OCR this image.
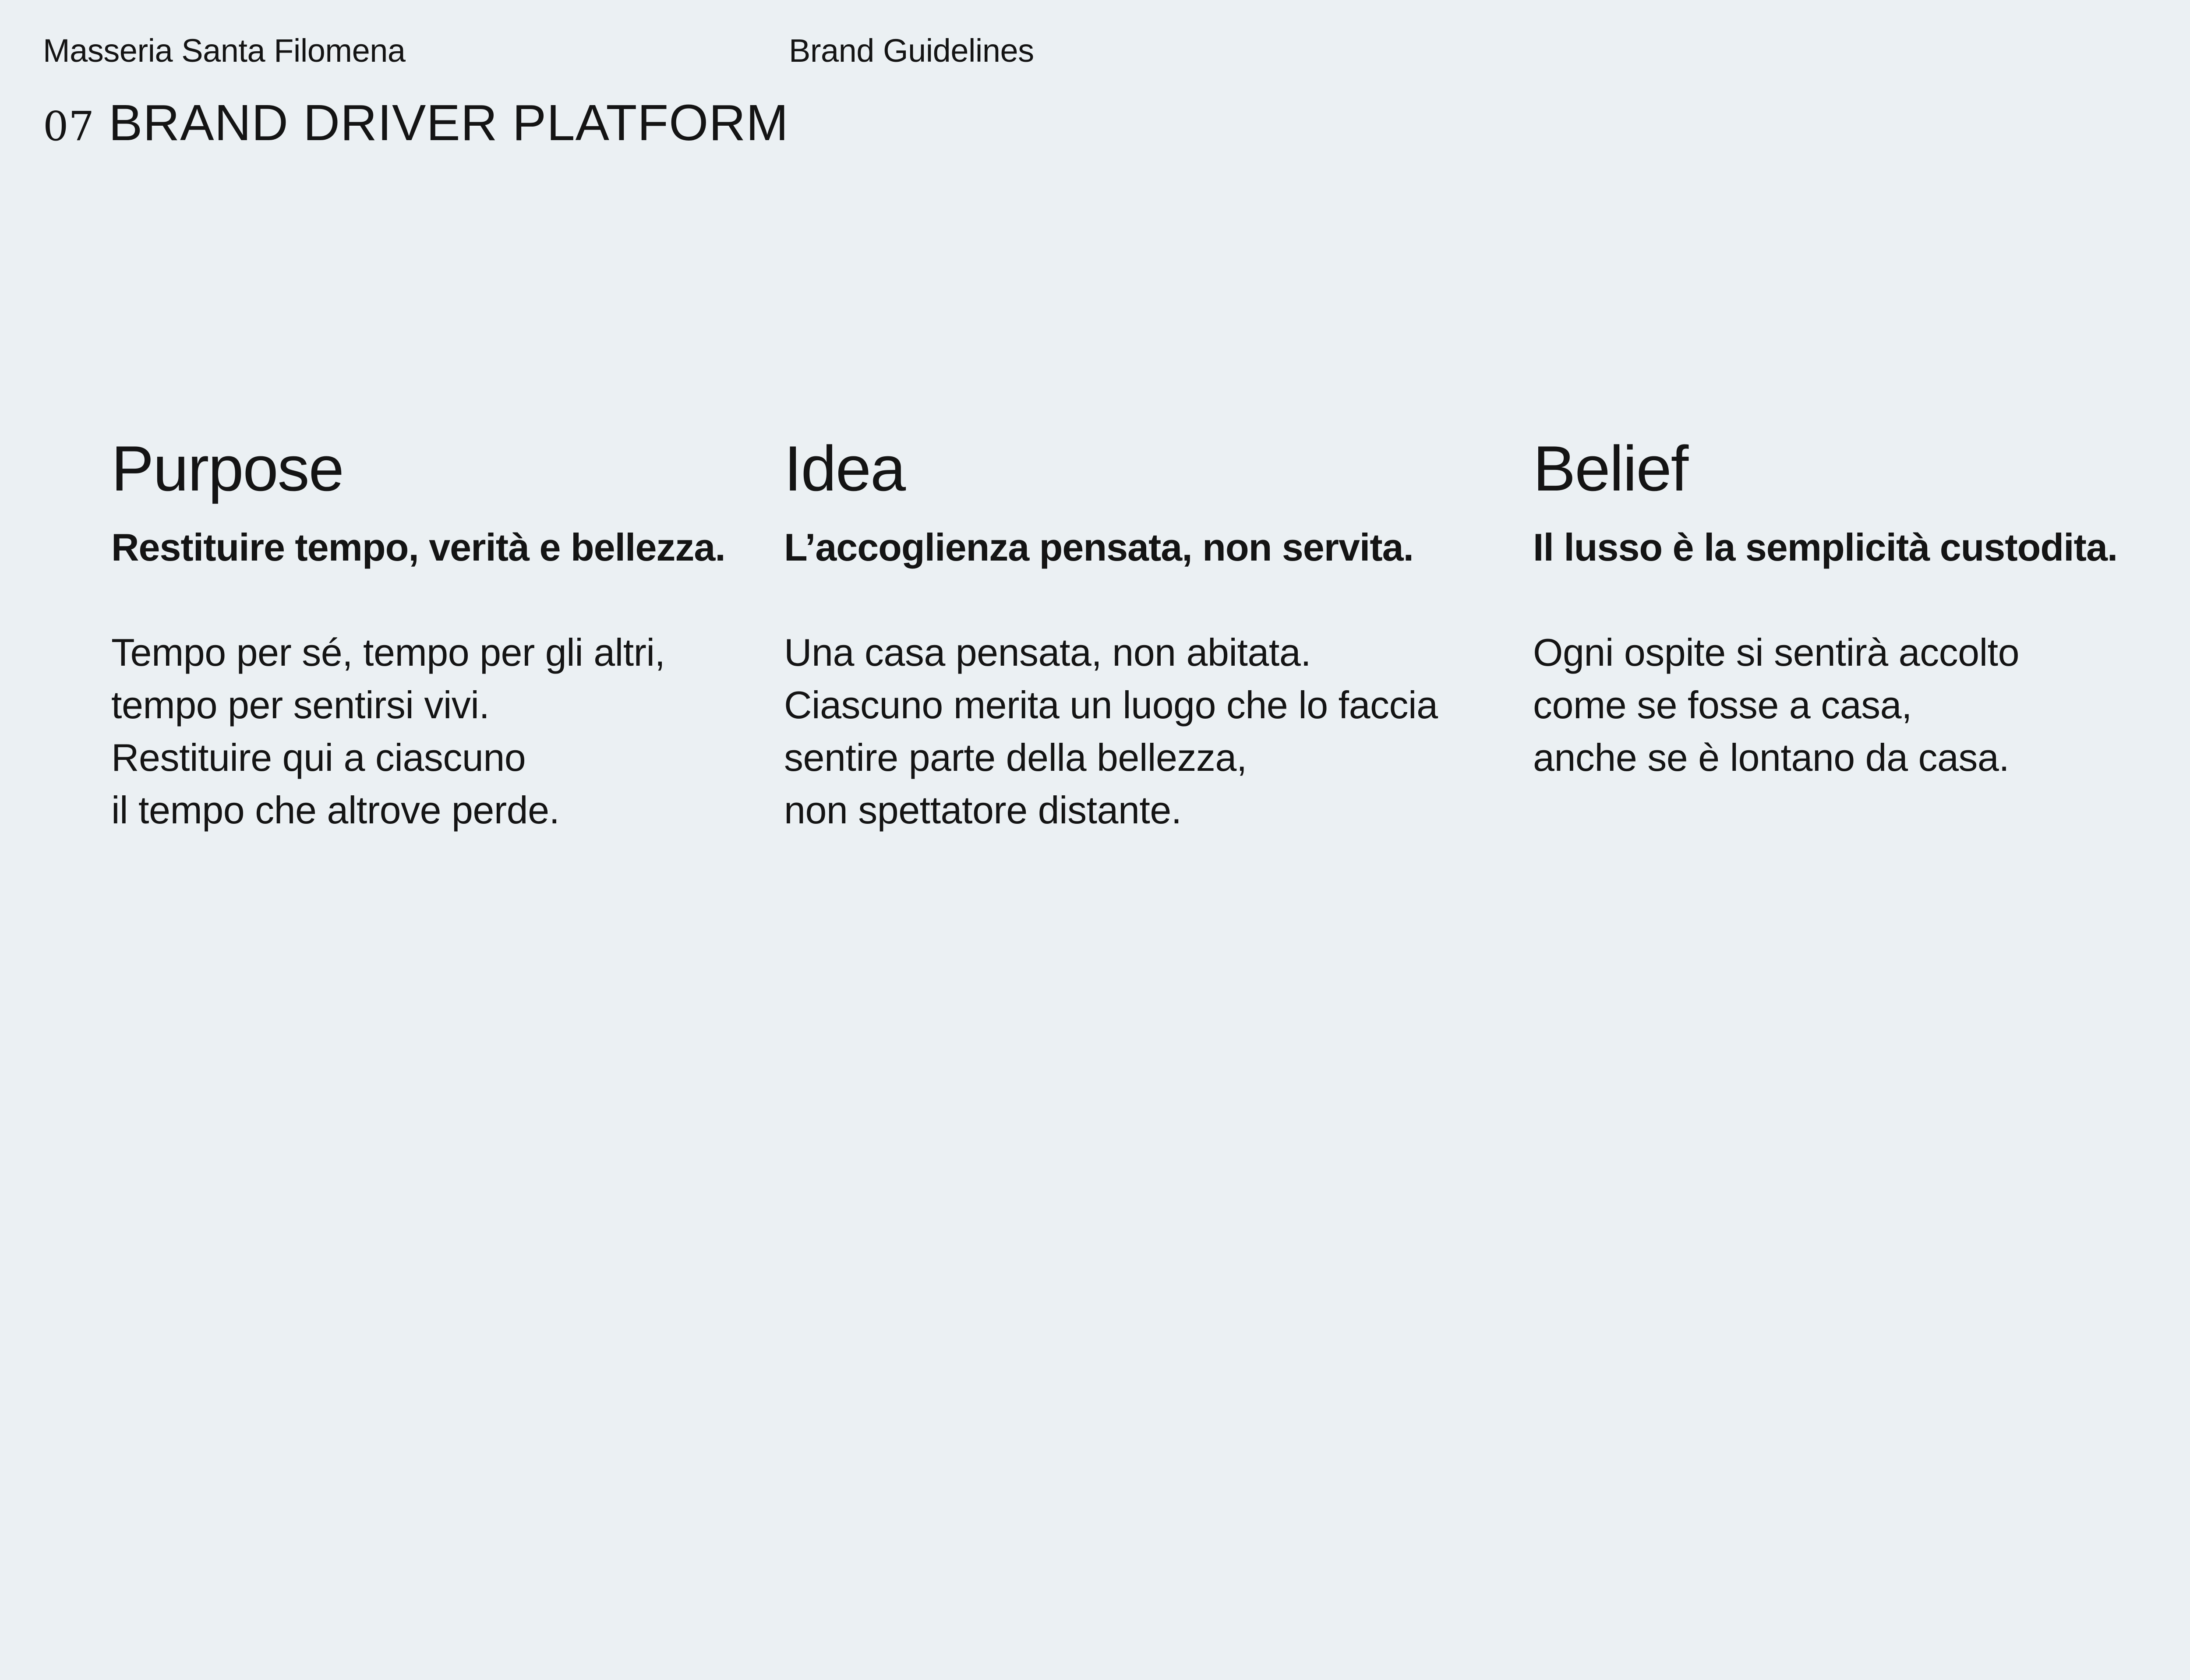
Masseria Santa Filomena
07 BRAND DRIVER PLATFORM
Brand Guidelines
Purpose
Restituire tempo, verità e bellezza.
Tempo per sé, tempo per gli altri,
tempo per sentirsi vivi.
Restituire qui a ciascuno
il tempo che altrove perde.
Idea
L’accoglienza pensata, non servita.
Una casa pensata, non abitata.
Ciascuno merita un luogo che lo faccia
sentire parte della bellezza,
non spettatore distante.
Belief
Il lusso è la semplicità custodita.
Ogni ospite si sentirà accolto
come se fosse a casa,
anche se è lontano da casa.
